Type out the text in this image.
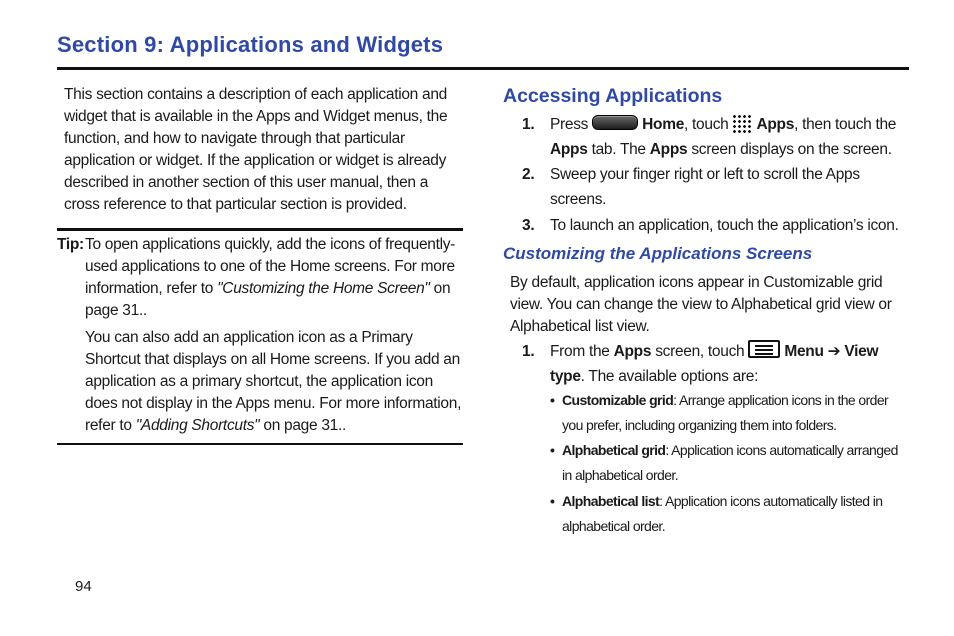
Section 9: Applications and Widgets
This section contains a description of each application and widget that is available in the Apps and Widget menus, the function, and how to navigate through that particular application or widget. If the application or widget is already described in another section of this user manual, then a cross reference to that particular section is provided.
Tip: To open applications quickly, add the icons of frequently-used applications to one of the Home screens. For more information, refer to "Customizing the Home Screen" on page 31..
You can also add an application icon as a Primary Shortcut that displays on all Home screens. If you add an application as a primary shortcut, the application icon does not display in the Apps menu. For more information, refer to "Adding Shortcuts" on page 31..
Accessing Applications
1. Press	Home, touch Apps, then touch the
Apps tab. The Apps screen displays on the screen.
2. Sweep your finger right or left to scroll the Apps screens.
3. To launch an application, touch the application’s icon.
Customizing the Applications Screens
By default, application icons appear in Customizable grid view. You can change the view to Alphabetical grid view or Alphabetical list view.
1. From the Apps screen, touch  Menu ➔ View type. The available options are:
• Customizable grid: Arrange application icons in the order you prefer, including organizing them into folders.
• Alphabetical grid: Application icons automatically arranged in alphabetical order.
• Alphabetical list: Application icons automatically listed in alphabetical order.
94
